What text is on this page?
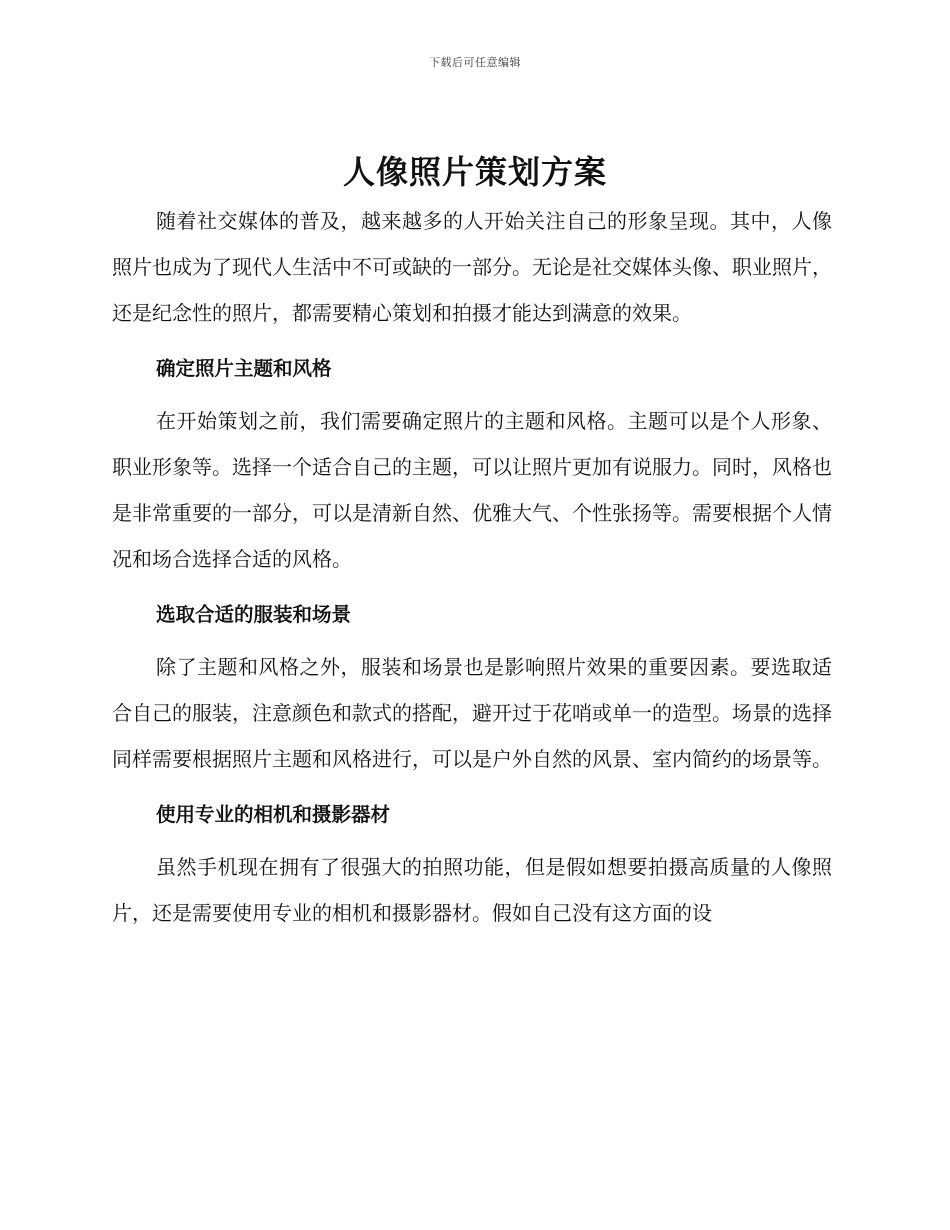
下载后可任意编辑
人像照片策划方案

随着社交媒体的普及，越来越多的人开始关注自己的形象呈现。其中，人像照片也成为了现代人生活中不可或缺的一部分。无论是社交媒体头像、职业照片，还是纪念性的照片，都需要精心策划和拍摄才能达到满意的效果。

确定照片主题和风格

在开始策划之前，我们需要确定照片的主题和风格。主题可以是个人形象、职业形象等。选择一个适合自己的主题，可以让照片更加有说服力。同时，风格也是非常重要的一部分，可以是清新自然、优雅大气、个性张扬等。需要根据个人情况和场合选择合适的风格。

选取合适的服装和场景

除了主题和风格之外，服装和场景也是影响照片效果的重要因素。要选取适合自己的服装，注意颜色和款式的搭配，避开过于花哨或单一的造型。场景的选择同样需要根据照片主题和风格进行，可以是户外自然的风景、室内简约的场景等。

使用专业的相机和摄影器材

虽然手机现在拥有了很强大的拍照功能，但是假如想要拍摄高质量的人像照片，还是需要使用专业的相机和摄影器材。假如自己没有这方面的设
